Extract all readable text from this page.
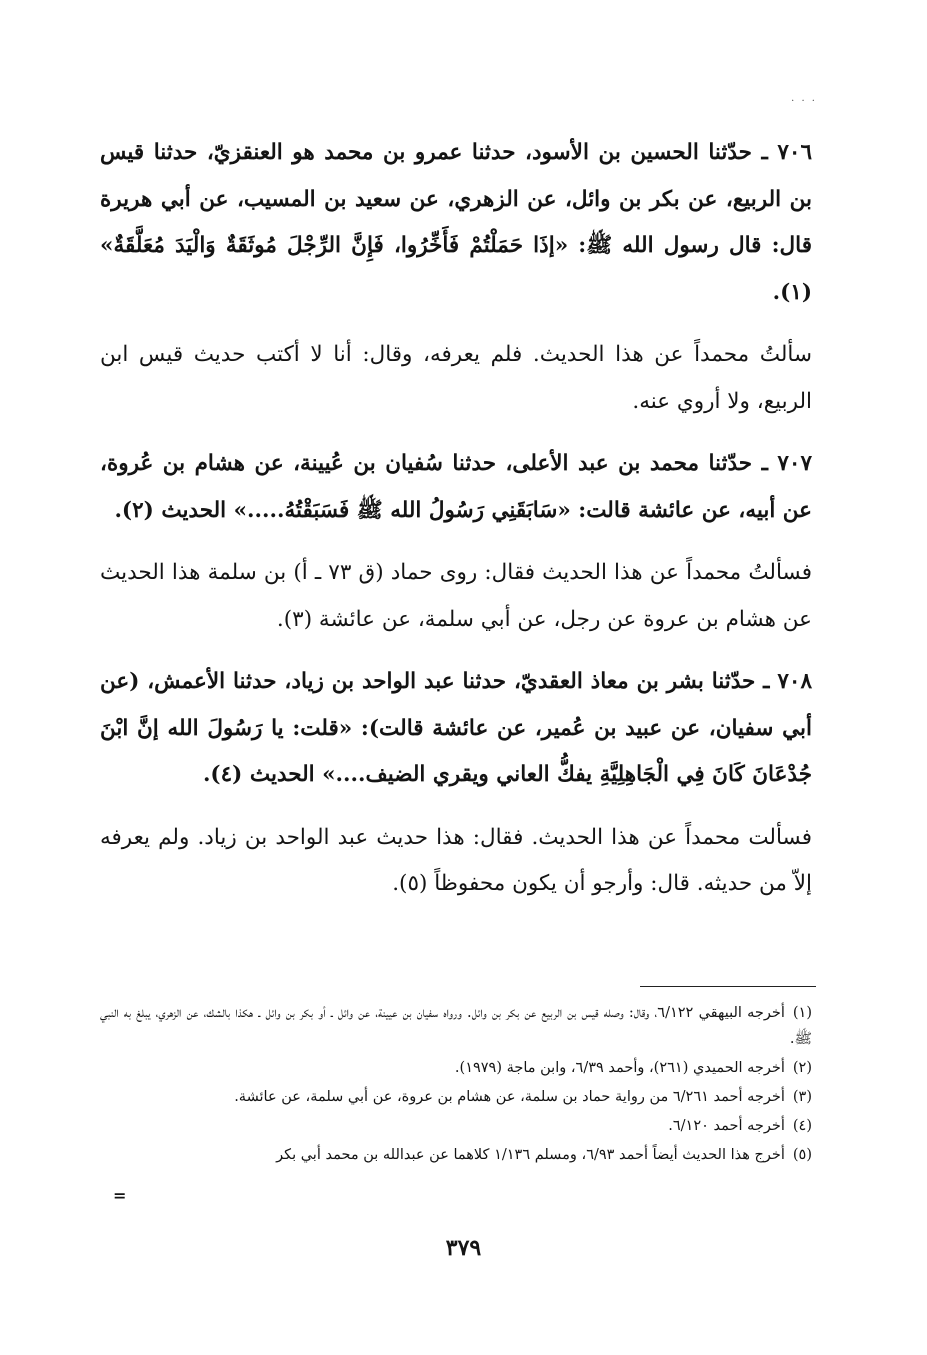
· · ·

٧٠٦ ـ حدّثنا الحسين بن الأسود، حدثنا عمرو بن محمد هو العنقزيّ، حدثنا قيس بن الربيع، عن بكر بن وائل، عن الزهري، عن سعيد بن المسيب، عن أبي هريرة قال: قال رسول الله ﷺ: «إذَا حَمَلْتُمْ فَأَخِّرُوا، فَإِنَّ الرِّجْلَ مُوثَقَةٌ وَالْيَدَ مُعَلَّقَةٌ» (١).

سألتُ محمداً عن هذا الحديث. فلم يعرفه، وقال: أنا لا أكتب حديث قيس ابن الربيع، ولا أروي عنه.

٧٠٧ ـ حدّثنا محمد بن عبد الأعلى، حدثنا سُفيان بن عُيينة، عن هشام بن عُروة، عن أبيه، عن عائشة قالت: «سَابَقَنِي رَسُولُ الله ﷺ فَسَبَقْتُهُ.....» الحديث (٢).

فسألتُ محمداً عن هذا الحديث فقال: روى حماد (ق ٧٣ ـ أ) بن سلمة هذا الحديث عن هشام بن عروة عن رجل، عن أبي سلمة، عن عائشة (٣).

٧٠٨ ـ حدّثنا بشر بن معاذ العقديّ، حدثنا عبد الواحد بن زياد، حدثنا الأعمش، (عن أبي سفيان، عن عبيد بن عُمير، عن عائشة قالت): «قلت: يا رَسُولَ الله إنَّ ابْنَ جُدْعَانَ كَانَ فِي الْجَاهِلِيَّةِ يفكُّ العاني ويقري الضيف....» الحديث (٤).

فسألت محمداً عن هذا الحديث. فقال: هذا حديث عبد الواحد بن زياد. ولم يعرفه إلاّ من حديثه. قال: وأرجو أن يكون محفوظاً (٥).

(١)أخرجه البيهقي ٦/١٢٢، وقال: وصله قيس بن الربيع عن بكر بن وائل. ورواه سفيان بن عيينة، عن وائل ـ أو بكر بن وائل ـ هكذا بالشك، عن الزهري، يبلغ به النبي ﷺ.
(٢)أخرجه الحميدي (٢٦١)، وأحمد ٦/٣٩، وابن ماجة (١٩٧٩).
(٣)أخرجه أحمد ٦/٢٦١ من رواية حماد بن سلمة، عن هشام بن عروة، عن أبي سلمة، عن عائشة.
(٤)أخرجه أحمد ٦/١٢٠.
(٥)أخرج هذا الحديث أيضاً أحمد ٦/٩٣، ومسلم ١/١٣٦ كلاهما عن عبدالله بن محمد أبي بكر
=
٣٧٩
